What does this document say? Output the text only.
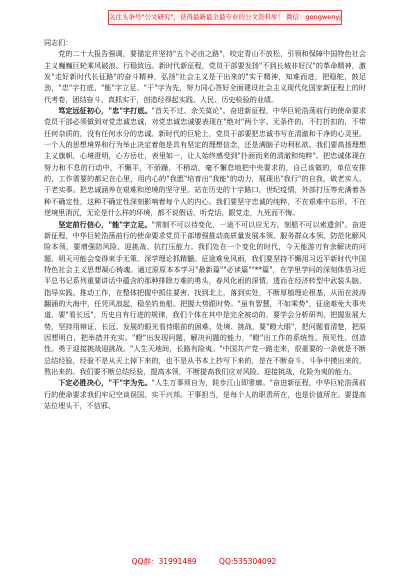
关注头条号"公文研究"，获得最新最全最专业的公文资料库！ 微信：gongwenyj

同志们：

党的二十大报告强调，要锚定并坚持"五个必由之路"，咬定青山不放松，引领和保障中国特色社会主义巍巍巨轮乘风破浪、行稳致远。新时代新征程，党员干部要发扬"不到长城非好汉"的革命精神，激发"走好新时代长征路"的奋斗精神，弘扬"社会主义是干出来的"实干精神，知难而进，把稳舵，鼓足劲，"忠"字打底、"能"字立足、"干"字为先，努力同心答好全面建设社会主义现代化国家新征程上的时代考卷，团结奋斗、真抓实干，创造经得起实践、人民、历史检验的业绩。

笃定远征初心，"忠"字打底。"首关不过、余关莫论"。奋进新征程，中华巨轮浩荡前行的使命要求党员干部必须做到对党忠诚忠诚，对党忠诚忠诚要表现在"绝对"两个字。无条件的，不打折扣的，不带任何杂质的，没有任何水分的忠诚。新时代的巨轮上，党员干部要把忠诚书写在清澈和干净的心灵里。一个人的思想境界和行为举止决定着他是具有坚定的理想信念，还是满脑子功利私欲。我们要高扬理想主义旗帜，心境澄明，心方岳壮，表里如一，让人始终感受到"扑面而来的清澈和纯粹"。把忠诚体现在努力和不息的行动中，不懈平，不骄躁，不稍动，毫不懈怠地把中央要求的，自己该做的，单位安排的，工作需要的都记在心里，用内心的"我愿"培育出"我能"的动力，展现出"我行"的自我，做老实人、干老实事。把忠诚涵养在艰难和逆境的坚守里。站在历史的十字路口，世纪疫情，外部打压等充满着各种不确定性，这种不确定性深刻影响着每个人的内心。我们要坚守忠诚的纯粹，不在艰难中忘形，不在逆境里消沉，无论是什么样的环境，都不说假话，听党话，跟党走，九死而不悔。

坚定前行信心，"能"字立足。"常制不可以待变化，一途不可以应无方，刻船不可以索遗剑"。奋进新征程，中华巨轮浩荡前行的使命要求党员干部增强推动高质量发展本领、服务群众本领、防范化解风险本领，要增强防风险、迎挑战、抗打压能力。我们处在一个变化的时代，今天能游刃有余解决的问题，明天可能会变得束手无策。深学理论抓精髓。征途难免风雨，我们要坚持不懈用习近平新时代中国特色社会主义思想凝心铸魂。通过原原本本学习"最新篇""必读篇""**篇"，在学里学问的深刻体悟习近平总书记系列重要讲话中蕴含的那种排除万难的勇头，春风化雨的深情，透而在经济转型中武装头脑、指导实践、推动工作，在整体把握中抓住要害、找到北上，落到实处，不断厚植理论根基，从而在波涛翻涌的大海中，任凭风浪起，稳坐钓鱼船。把握大势跟时势。"虽有智慧，不如乘势"，征途难免大事夹道，要"看长远"，历史自有行进的规律，我们个体在其中是完全被动的，要学会分析研判，把握发展大势，坚持用辩证、长远、发展的眼光看待眼前的困难、处境、挑战，要"瞪大眼"，把问题看清楚，把原因想明白，把举措并充实。"瞪"出发现问题，解决问题的能力，"瞪"出工作的系统性、预见性、创造性。勇于迎接挑战迎挑战。"人生天地间，长路有险夷。"中国共产党一路走来，很重要的一条就是不断总结经验，经验不是从天上掉下来的，也不是从书本上抄写下来的，是在不断奋斗、斗争中摸出来的，熬出来的。我们要不断总结经验，提高本领，不断提高我们应对风险、迎接挑战，化险为夷的能力。

下定必胜决心，"干"字为先。"人生万事须自为，跬步江山即寥廓。"奋进新征程，中华巨轮浩荡前行的使命要求我们牢记空谈误国、实干兴邦。干事担当，是每个人的职责所在，也是价值所在。要提高站位埋头干，不信邪、

QQ群：31991489	QQ:535304092
